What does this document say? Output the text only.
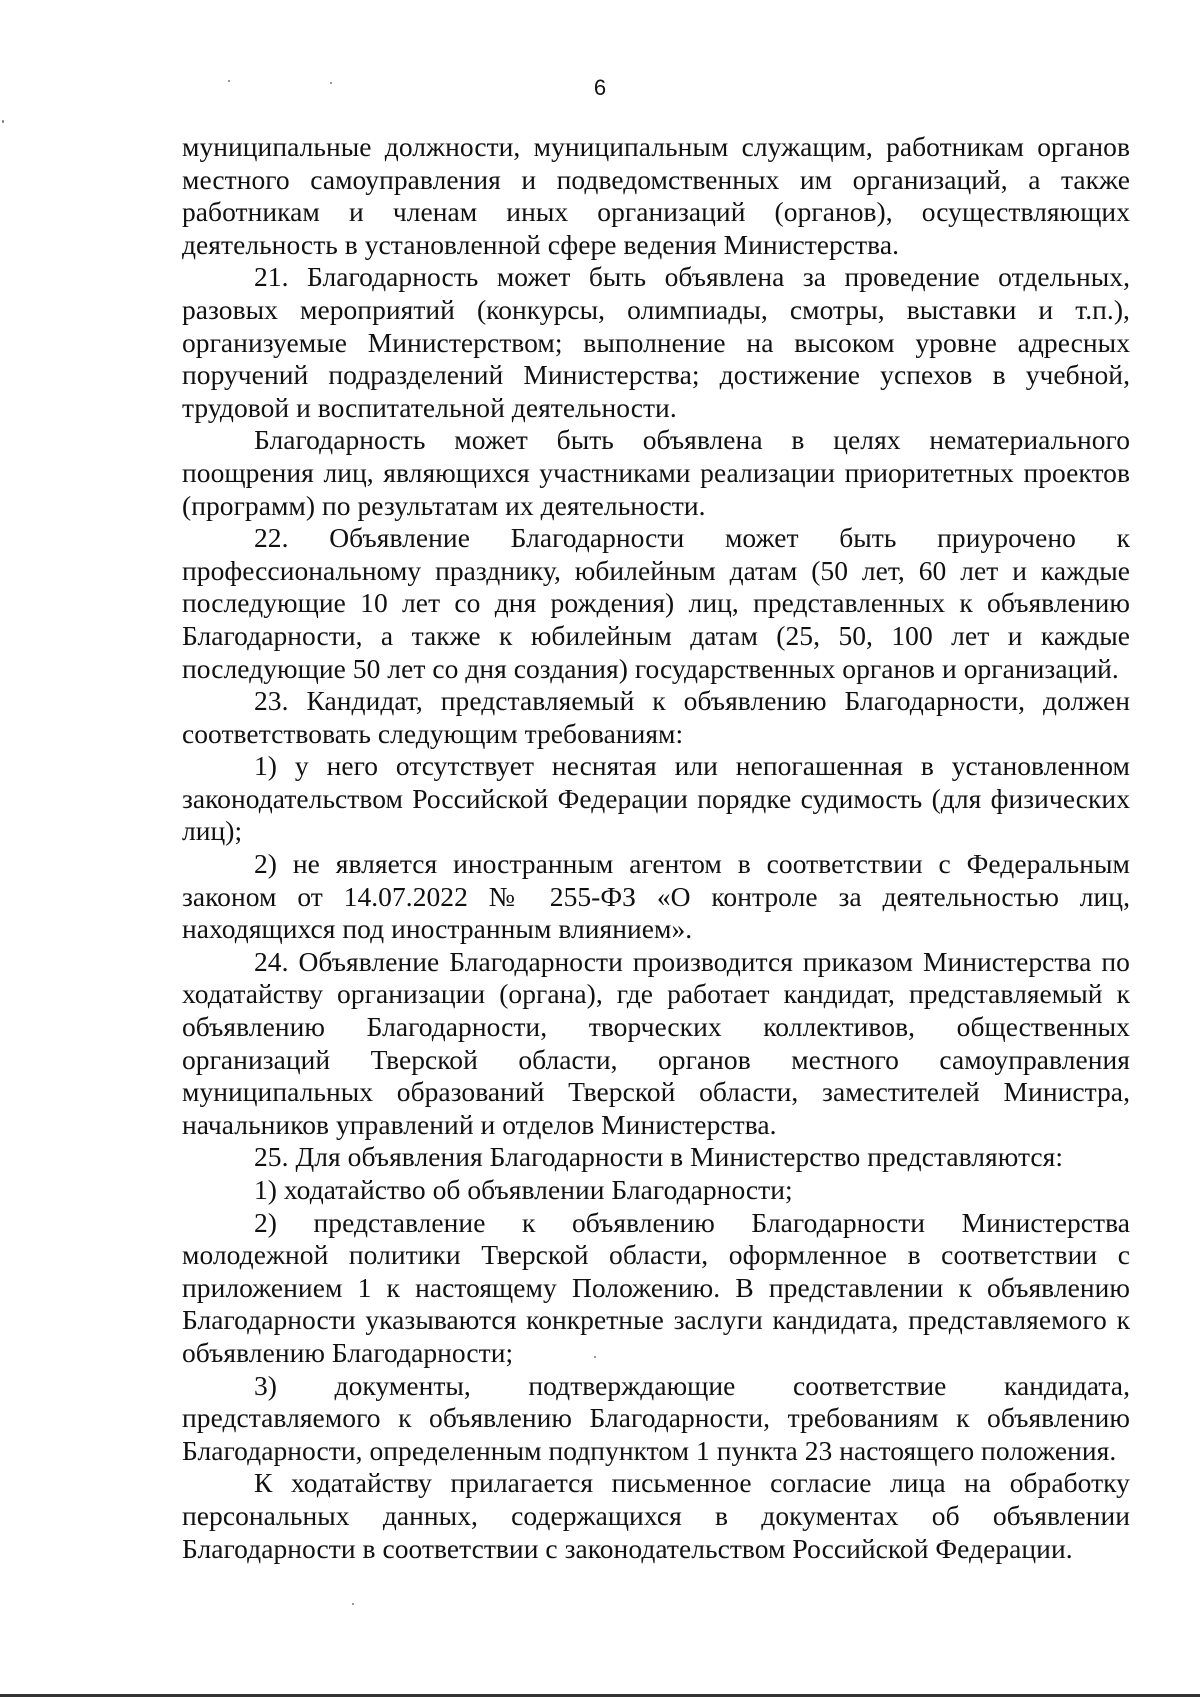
6

муниципальные должности, муниципальным служащим, работникам органов местного самоуправления и подведомственных им организаций, а также работникам и членам иных организаций (органов), осуществляющих деятельность в установленной сфере ведения Министерства.

21. Благодарность может быть объявлена за проведение отдельных, разовых мероприятий (конкурсы, олимпиады, смотры, выставки и т.п.), организуемые Министерством; выполнение на высоком уровне адресных поручений подразделений Министерства; достижение успехов в учебной, трудовой и воспитательной деятельности.

Благодарность может быть объявлена в целях нематериального поощрения лиц, являющихся участниками реализации приоритетных проектов (программ) по результатам их деятельности.

22. Объявление Благодарности может быть приурочено к профессиональному празднику, юбилейным датам (50 лет, 60 лет и каждые последующие 10 лет со дня рождения) лиц, представленных к объявлению Благодарности, а также к юбилейным датам (25, 50, 100 лет и каждые последующие 50 лет со дня создания) государственных органов и организаций.

23. Кандидат, представляемый к объявлению Благодарности, должен соответствовать следующим требованиям:

1) у него отсутствует неснятая или непогашенная в установленном законодательством Российской Федерации порядке судимость (для физических лиц);

2) не является иностранным агентом в соответствии с Федеральным законом от 14.07.2022 № 255-ФЗ «О контроле за деятельностью лиц, находящихся под иностранным влиянием».

24. Объявление Благодарности производится приказом Министерства по ходатайству организации (органа), где работает кандидат, представляемый к объявлению Благодарности, творческих коллективов, общественных организаций Тверской области, органов местного самоуправления муниципальных образований Тверской области, заместителей Министра, начальников управлений и отделов Министерства.

25. Для объявления Благодарности в Министерство представляются:

1) ходатайство об объявлении Благодарности;

2) представление к объявлению Благодарности Министерства молодежной политики Тверской области, оформленное в соответствии с приложением 1 к настоящему Положению. В представлении к объявлению Благодарности указываются конкретные заслуги кандидата, представляемого к объявлению Благодарности;

3) документы, подтверждающие соответствие кандидата, представляемого к объявлению Благодарности, требованиям к объявлению Благодарности, определенным подпунктом 1 пункта 23 настоящего положения.

К ходатайству прилагается письменное согласие лица на обработку персональных данных, содержащихся в документах об объявлении Благодарности в соответствии с законодательством Российской Федерации.
